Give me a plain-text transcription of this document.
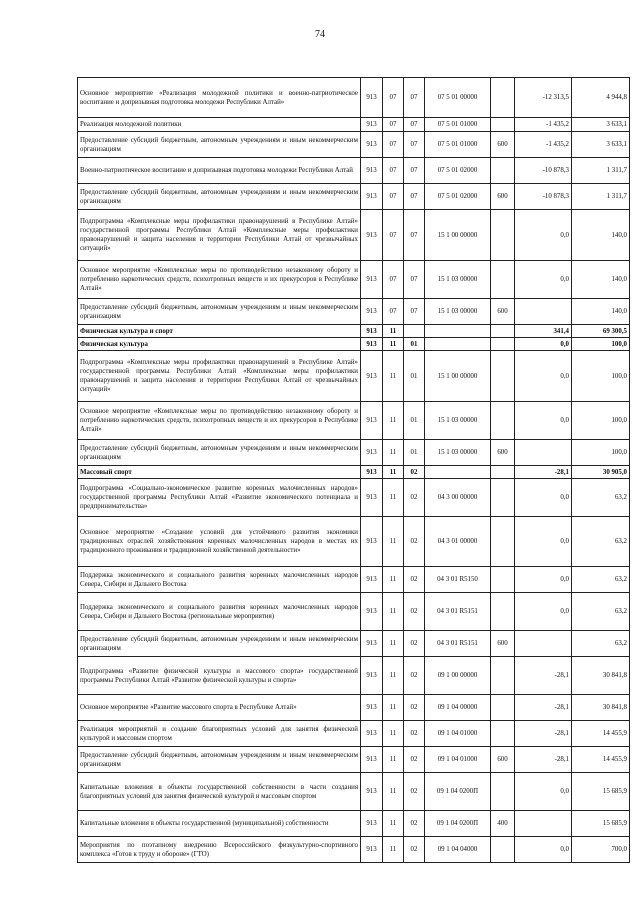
74
Основное мероприятие «Реализация молодежной политики и военно-патриотическое воспитание и допризывная подготовка молодежи Республики Алтай»	913	07	07	07 5 01 00000		-12 313,5	4 944,8
Реализация молодежной политики	913	07	07	07 5 01 01000		-1 435,2	3 633,1
Предоставление субсидий бюджетным, автономным учреждениям и иным некоммерческим организациям	913	07	07	07 5 01 01000	600	-1 435,2	3 633,1
Военно-патриотическое воспитание и допризывная подготовка молодежи Республики Алтай	913	07	07	07 5 01 02000		-10 878,3	1 311,7
Предоставление субсидий бюджетным, автономным учреждениям и иным некоммерческим организациям	913	07	07	07 5 01 02000	600	-10 878,3	1 311,7
Подпрограмма «Комплексные меры профилактики правонарушений в Республике Алтай» государственной программы Республики Алтай «Комплексные меры профилактики правонарушений и защита населения и территории Республики Алтай от чрезвычайных ситуаций»	913	07	07	15 1 00 00000		0,0	140,0
Основное мероприятие «Комплексные меры по противодействию незаконному обороту и потреблению наркотических средств, психотропных веществ и их прекурсоров в Республике Алтай»	913	07	07	15 1 03 00000		0,0	140,0
Предоставление субсидий бюджетным, автономным учреждениям и иным некоммерческим организациям	913	07	07	15 1 03 00000	600		140,0
Физическая культура и спорт	913	11				341,4	69 300,5
Физическая культура	913	11	01			0,0	100,0
Подпрограмма «Комплексные меры профилактики правонарушений в Республике Алтай» государственной программы Республики Алтай «Комплексные меры профилактики правонарушений и защита населения и территории Республики Алтай от чрезвычайных ситуаций»	913	11	01	15 1 00 00000		0,0	100,0
Основное мероприятие «Комплексные меры по противодействию незаконному обороту и потреблению наркотических средств, психотропных веществ и их прекурсоров в Республике Алтай»	913	11	01	15 1 03 00000		0,0	100,0
Предоставление субсидий бюджетным, автономным учреждениям и иным некоммерческим организациям	913	11	01	15 1 03 00000	600		100,0
Массовый спорт	913	11	02			-28,1	30 905,0
Подпрограмма «Социально-экономическое развитие коренных малочисленных народов» государственной программы Республики Алтай «Развитие экономического потенциала и предпринимательства»	913	11	02	04 3 00 00000		0,0	63,2
Основное мероприятие «Создание условий для устойчивого развития экономики традиционных отраслей хозяйствования коренных малочисленных народов в местах их традиционного проживания и традиционной хозяйственной деятельности»	913	11	02	04 3 01 00000		0,0	63,2
Поддержка экономического и социального развития коренных малочисленных народов Севера, Сибири и Дальнего Востока	913	11	02	04 3 01 R5150		0,0	63,2
Поддержка экономического и социального развития коренных малочисленных народов Севера, Сибири и Дальнего Востока (региональные мероприятия)	913	11	02	04 3 01 R5151		0,0	63,2
Предоставление субсидий бюджетным, автономным учреждениям и иным некоммерческим организациям	913	11	02	04 3 01 R5151	600		63,2
Подпрограмма «Развитие физической культуры и массового спорта» государственной программы Республики Алтай «Развитие физической культуры и спорта»	913	11	02	09 1 00 00000		-28,1	30 841,8
Основное мероприятие «Развитие массового спорта в Республике Алтай»	913	11	02	09 1 04 00000		-28,1	30 841,8
Реализация мероприятий и создание благоприятных условий для занятия физической культурой и массовым спортом	913	11	02	09 1 04 01000		-28,1	14 455,9
Предоставление субсидий бюджетным, автономным учреждениям и иным некоммерческим организациям	913	11	02	09 1 04 01000	600	-28,1	14 455,9
Капитальные вложения в объекты государственной собственности в части создания благоприятных условий для занятия физической культурой и массовым спортом	913	11	02	09 1 04 0200П		0,0	15 685,9
Капитальные вложения в объекты государственной (муниципальной) собственности	913	11	02	09 1 04 0200П	400		15 685,9
Мероприятия по поэтапному внедрению Всероссийского физкультурно-спортивного комплекса «Готов к труду и обороне» (ГТО)	913	11	02	09 1 04 04000		0,0	700,0
